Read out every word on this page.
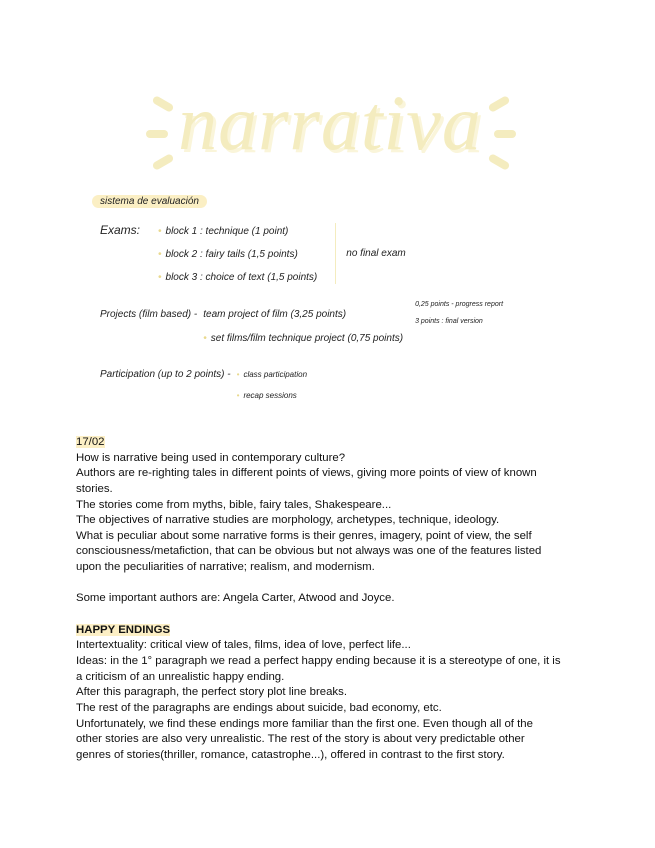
narrativa
sistema de evaluación
Exams:	• block 1 : technique (1 point)
• block 2 : fairy tails (1,5 points)
• block 3 : choice of text (1,5 points)
no final exam
Projects (film based) - team project of film (3,25 points)
• set films/film technique project (0,75 points)
0,25 points - progress report
3 points : final version
Participation (up to 2 points) - • class participation
• recap sessions
17/02
How is narrative being used in contemporary culture?
Authors are re-righting tales in different points of views, giving more points of view of known
stories.
The stories come from myths, bible, fairy tales, Shakespeare...
The objectives of narrative studies are morphology, archetypes, technique, ideology.
What is peculiar about some narrative forms is their genres, imagery, point of view, the self
consciousness/metafiction, that can be obvious but not always was one of the features listed
upon the peculiarities of narrative; realism, and modernism.
Some important authors are: Angela Carter, Atwood and Joyce.
HAPPY ENDINGS
Intertextuality: critical view of tales, films, idea of love, perfect life...
Ideas: in the 1° paragraph we read a perfect happy ending because it is a stereotype of one, it is
a criticism of an unrealistic happy ending.
After this paragraph, the perfect story plot line breaks.
The rest of the paragraphs are endings about suicide, bad economy, etc.
Unfortunately, we find these endings more familiar than the first one. Even though all of the
other stories are also very unrealistic. The rest of the story is about very predictable other
genres of stories(thriller, romance, catastrophe...), offered in contrast to the first story.
